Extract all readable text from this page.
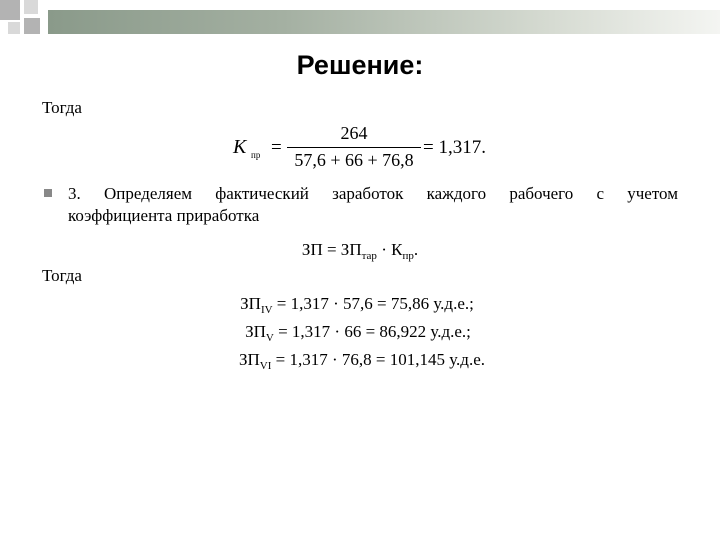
Решение:
Тогда
K пр =
264
57,6 + 66 + 76,8
= 1,317.
3. Определяем фактический заработок каждого рабочего с учетом
коэффициента приработка
ЗП = $ЗП_{тар} \cdot К_{пр}$.
Тогда
$ЗП_{IV} = 1,317 \cdot 57,6 = 75,86$ у.д.е.;
$ЗП_V = 1,317 \cdot 66 = 86,922$ у.д.е.;
$ЗП_{VI} = 1,317 \cdot 76,8 = 101,145$ у.д.е.
